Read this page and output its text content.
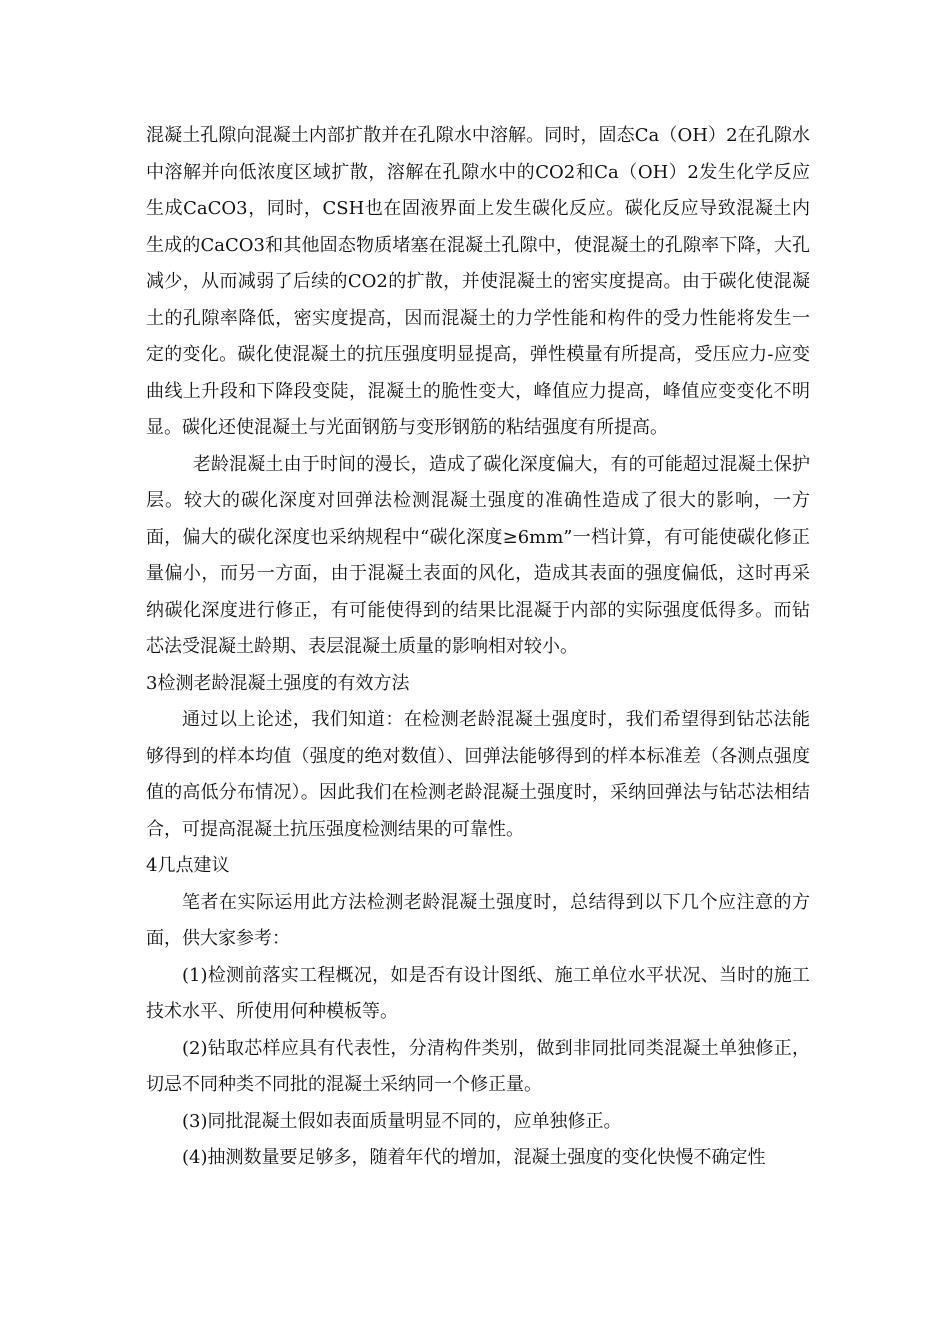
混凝土孔隙向混凝土内部扩散并在孔隙水中溶解。同时，固态Ca（OH）2在孔隙水中溶解并向低浓度区域扩散，溶解在孔隙水中的CO2和Ca（OH）2发生化学反应生成CaCO3，同时，CSH也在固液界面上发生碳化反应。碳化反应导致混凝土内生成的CaCO3和其他固态物质堵塞在混凝土孔隙中，使混凝土的孔隙率下降，大孔减少，从而减弱了后续的CO2的扩散，并使混凝土的密实度提高。由于碳化使混凝土的孔隙率降低，密实度提高，因而混凝土的力学性能和构件的受力性能将发生一定的变化。碳化使混凝土的抗压强度明显提高，弹性模量有所提高，受压应力-应变曲线上升段和下降段变陡，混凝土的脆性变大，峰值应力提高，峰值应变变化不明显。碳化还使混凝土与光面钢筋与变形钢筋的粘结强度有所提高。

老龄混凝土由于时间的漫长，造成了碳化深度偏大，有的可能超过混凝土保护层。较大的碳化深度对回弹法检测混凝土强度的准确性造成了很大的影响，一方面，偏大的碳化深度也采纳规程中“碳化深度≥6mm”一档计算，有可能使碳化修正量偏小，而另一方面，由于混凝土表面的风化，造成其表面的强度偏低，这时再采纳碳化深度进行修正，有可能使得到的结果比混凝于内部的实际强度低得多。而钻芯法受混凝土龄期、表层混凝土质量的影响相对较小。

3检测老龄混凝土强度的有效方法

通过以上论述，我们知道：在检测老龄混凝土强度时，我们希望得到钻芯法能够得到的样本均值（强度的绝对数值）、回弹法能够得到的样本标准差（各测点强度值的高低分布情况）。因此我们在检测老龄混凝土强度时，采纳回弹法与钻芯法相结合，可提高混凝土抗压强度检测结果的可靠性。

4几点建议

笔者在实际运用此方法检测老龄混凝土强度时，总结得到以下几个应注意的方面，供大家参考：

(1)检测前落实工程概况，如是否有设计图纸、施工单位水平状况、当时的施工技术水平、所使用何种模板等。

(2)钻取芯样应具有代表性，分清构件类别，做到非同批同类混凝土单独修正，切忌不同种类不同批的混凝土采纳同一个修正量。

(3)同批混凝土假如表面质量明显不同的，应单独修正。

(4)抽测数量要足够多，随着年代的增加，混凝土强度的变化快慢不确定性
